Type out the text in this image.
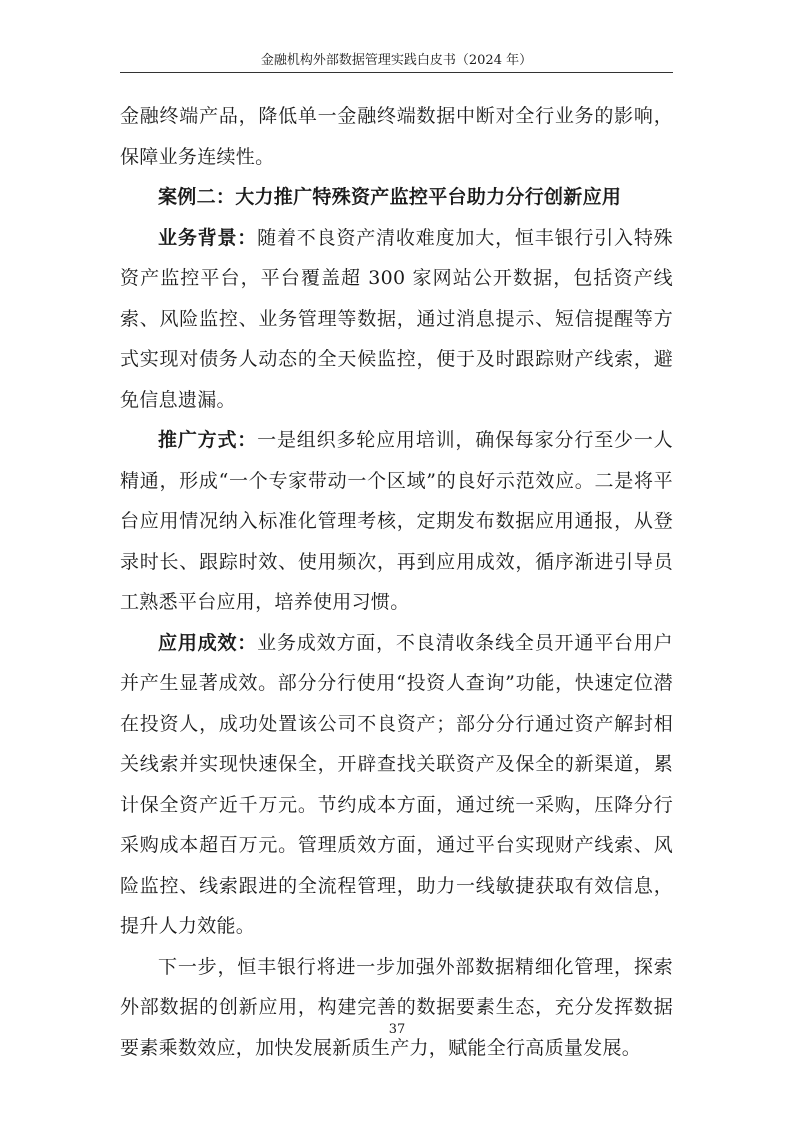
金融机构外部数据管理实践白皮书（2024 年）

金融终端产品，降低单一金融终端数据中断对全行业务的影响，保障业务连续性。

案例二：大力推广特殊资产监控平台助力分行创新应用

业务背景：随着不良资产清收难度加大，恒丰银行引入特殊资产监控平台，平台覆盖超 300 家网站公开数据，包括资产线索、风险监控、业务管理等数据，通过消息提示、短信提醒等方式实现对债务人动态的全天候监控，便于及时跟踪财产线索，避免信息遗漏。

推广方式：一是组织多轮应用培训，确保每家分行至少一人精通，形成“一个专家带动一个区域”的良好示范效应。二是将平台应用情况纳入标准化管理考核，定期发布数据应用通报，从登录时长、跟踪时效、使用频次，再到应用成效，循序渐进引导员工熟悉平台应用，培养使用习惯。

应用成效：业务成效方面，不良清收条线全员开通平台用户并产生显著成效。部分分行使用“投资人查询”功能，快速定位潜在投资人，成功处置该公司不良资产；部分分行通过资产解封相关线索并实现快速保全，开辟查找关联资产及保全的新渠道，累计保全资产近千万元。节约成本方面，通过统一采购，压降分行采购成本超百万元。管理质效方面，通过平台实现财产线索、风险监控、线索跟进的全流程管理，助力一线敏捷获取有效信息，提升人力效能。

下一步，恒丰银行将进一步加强外部数据精细化管理，探索外部数据的创新应用，构建完善的数据要素生态，充分发挥数据要素乘数效应，加快发展新质生产力，赋能全行高质量发展。

37
